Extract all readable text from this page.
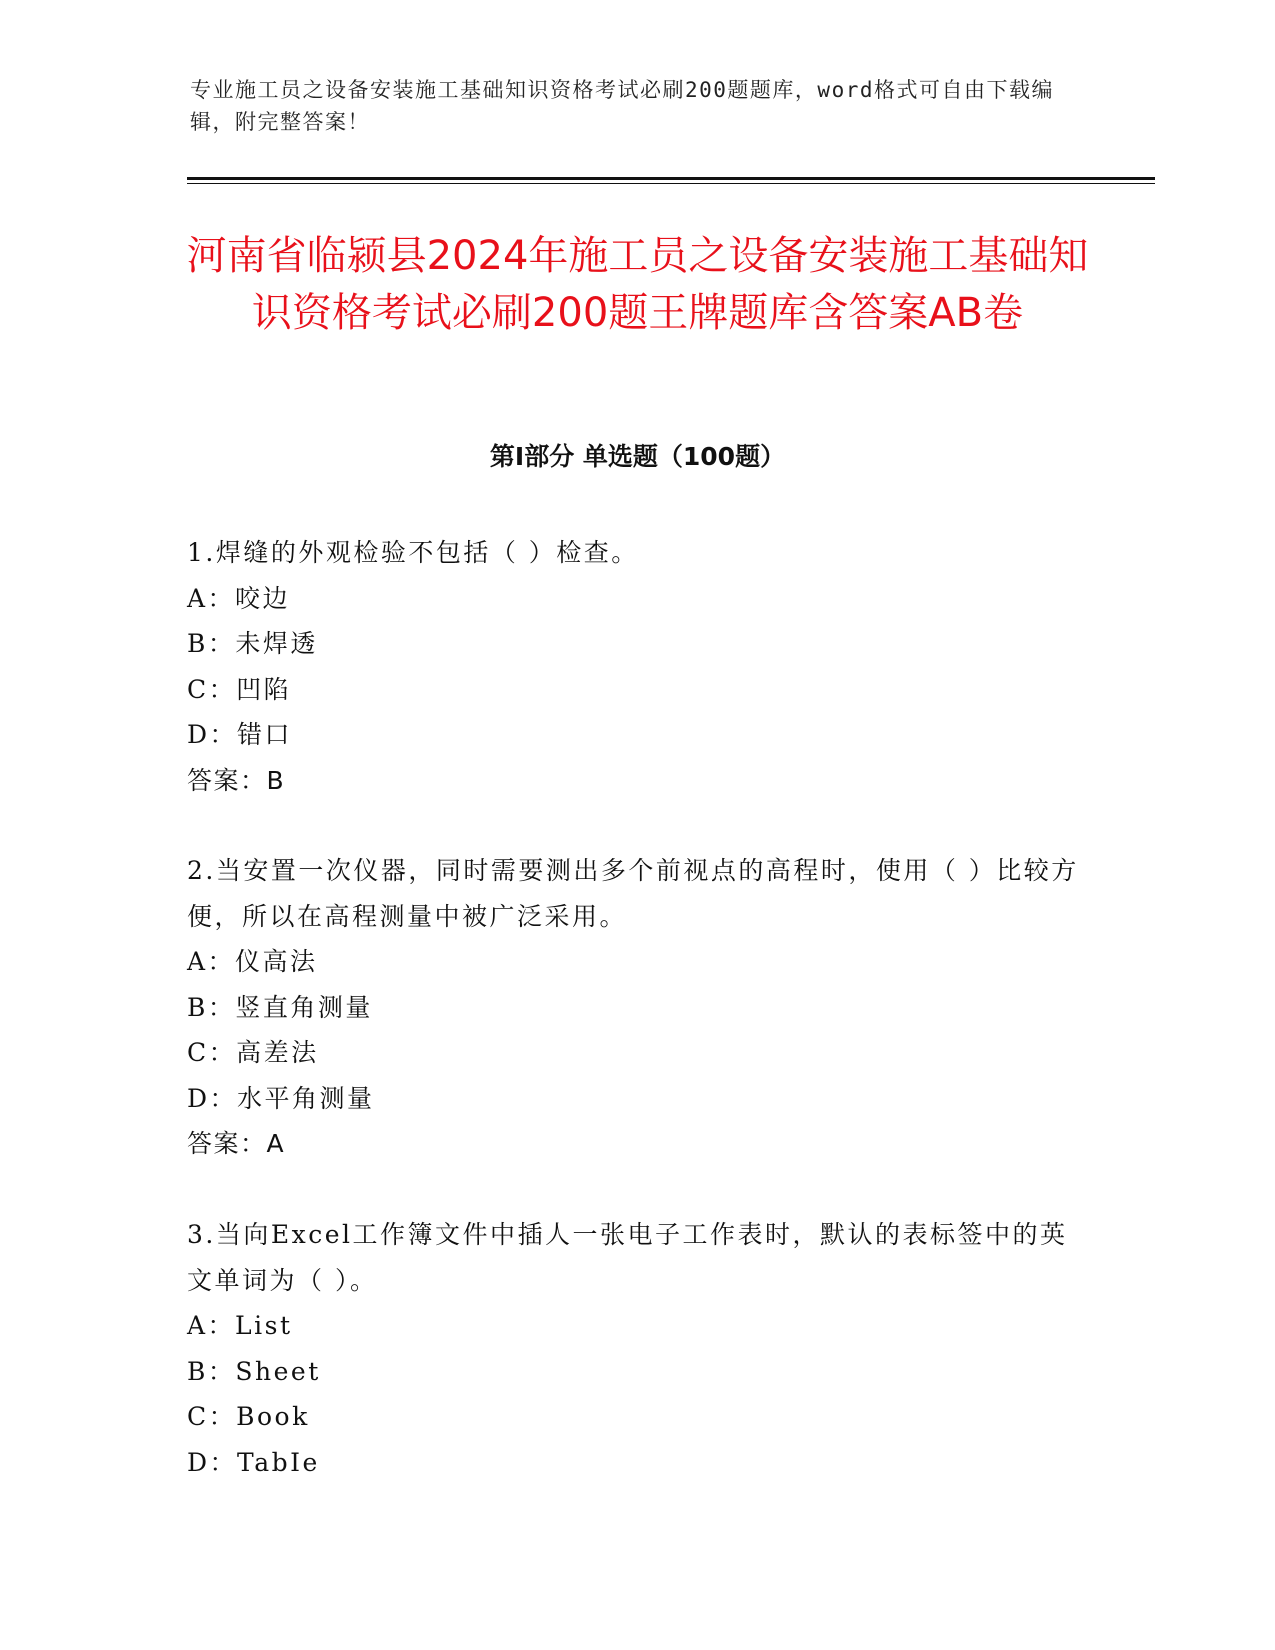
专业施工员之设备安装施工基础知识资格考试必刷200题题库，word格式可自由下载编辑，附完整答案！
河南省临颍县2024年施工员之设备安装施工基础知识资格考试必刷200题王牌题库含答案AB卷
第I部分 单选题（100题）

1.焊缝的外观检验不包括（ ）检查。

A：咬边

B：未焊透

C：凹陷

D：错口

答案：B

2.当安置一次仪器，同时需要测出多个前视点的高程时，使用（ ）比较方便，所以在高程测量中被广泛采用。

A：仪高法

B：竖直角测量

C：高差法

D：水平角测量

答案：A

3.当向Excel工作簿文件中插人一张电子工作表时，默认的表标签中的英文单词为（ ）。

A：List

B：Sheet

C：Book

D：TabIe
